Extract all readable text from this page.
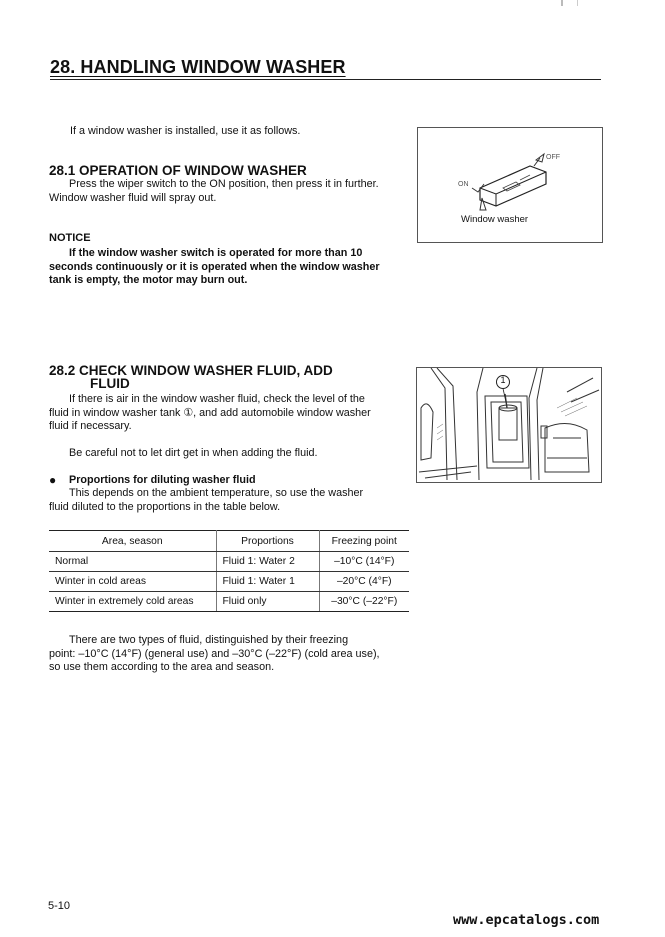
28. HANDLING WINDOW WASHER
If a window washer is installed, use it as follows.
28.1 OPERATION OF WINDOW WASHER
Press the wiper switch to the ON position, then press it in further.
Window washer fluid will spray out.
NOTICE
If the window washer switch is operated for more than 10
seconds continuously or it is operated when the window washer
tank is empty, the motor may burn out.
OFF
ON
Window washer
28.2 CHECK WINDOW WASHER FLUID, ADD
FLUID
If there is air in the window washer fluid, check the level of the
fluid in window washer tank ①, and add automobile window washer
fluid if necessary.
Be careful not to let dirt get in when adding the fluid.
1
● Proportions for diluting washer fluid
This depends on the ambient temperature, so use the washer
fluid diluted to the proportions in the table below.
Area, season	Proportions	Freezing point
Normal	Fluid 1: Water 2	–10°C (14°F)
Winter in cold areas	Fluid 1: Water 1	–20°C (4°F)
Winter in extremely cold areas	Fluid only	–30°C (–22°F)
There are two types of fluid, distinguished by their freezing
point: –10°C (14°F) (general use) and –30°C (–22°F) (cold area use),
so use them according to the area and season.
5-10
www.epcatalogs.com
